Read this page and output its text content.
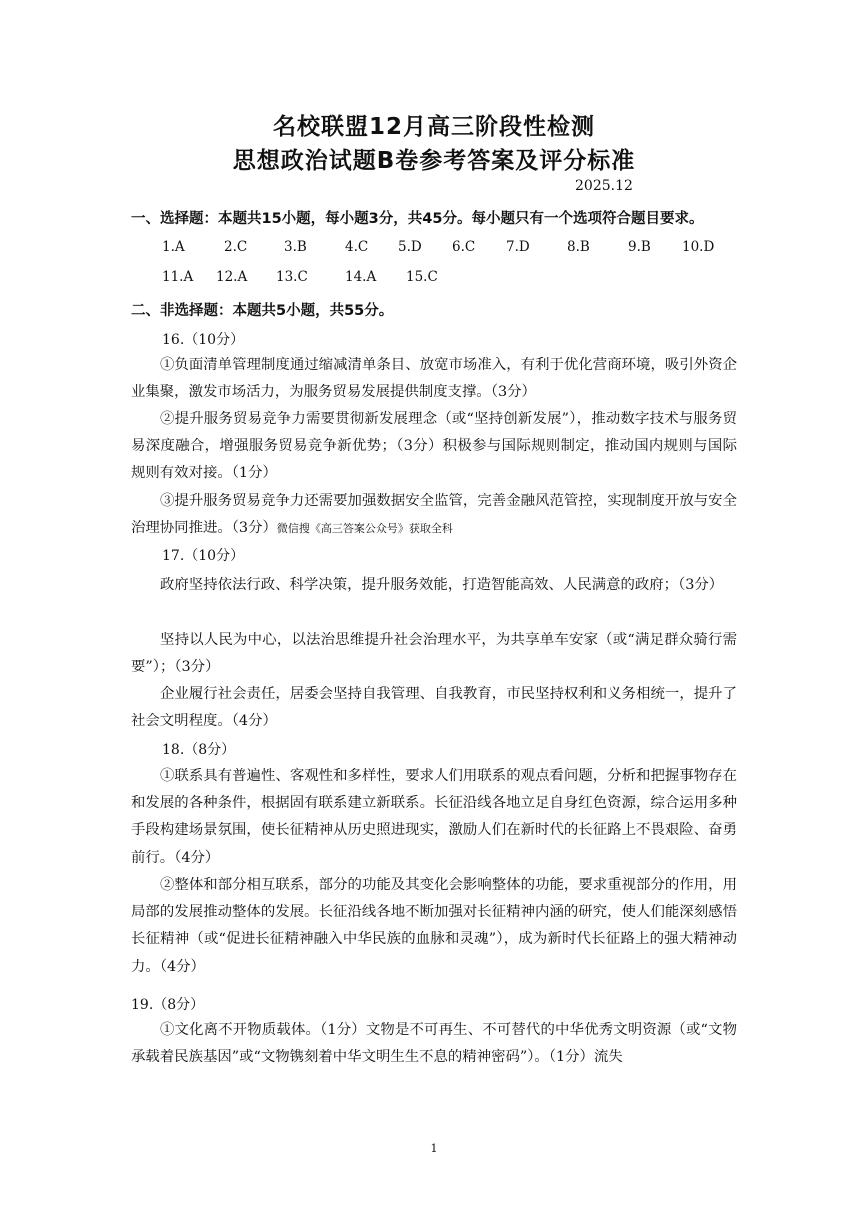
名校联盟12月高三阶段性检测
思想政治试题B卷参考答案及评分标准
2025.12
一、选择题：本题共15小题，每小题3分，共45分。每小题只有一个选项符合题目要求。
1.A	2.C	3.B	4.C 5.D 6.C 7.D	8.B	9.B 10.D
11.A 12.A 13.C	14.A 15.C
二、非选择题：本题共5小题，共55分。
16.（10分）
①负面清单管理制度通过缩减清单条目、放宽市场准入，有利于优化营商环境，吸引外资企业集聚，激发市场活力，为服务贸易发展提供制度支撑。（3分）
②提升服务贸易竞争力需要贯彻新发展理念（或“坚持创新发展”），推动数字技术与服务贸易深度融合，增强服务贸易竞争新优势；（3分）积极参与国际规则制定，推动国内规则与国际规则有效对接。（1分）
③提升服务贸易竞争力还需要加强数据安全监管，完善金融风范管控，实现制度开放与安全治理协同推进。（3分）微信搜《高三答案公众号》获取全科
17.（10分）
政府坚持依法行政、科学决策，提升服务效能，打造智能高效、人民满意的政府；（3分）
坚持以人民为中心，以法治思维提升社会治理水平，为共享单车安家（或“满足群众骑行需要”）；（3分）
企业履行社会责任，居委会坚持自我管理、自我教育，市民坚持权利和义务相统一，提升了社会文明程度。（4分）
18.（8分）
①联系具有普遍性、客观性和多样性，要求人们用联系的观点看问题，分析和把握事物存在和发展的各种条件，根据固有联系建立新联系。长征沿线各地立足自身红色资源，综合运用多种手段构建场景氛围，使长征精神从历史照进现实，激励人们在新时代的长征路上不畏艰险、奋勇前行。（4分）
②整体和部分相互联系，部分的功能及其变化会影响整体的功能，要求重视部分的作用，用局部的发展推动整体的发展。长征沿线各地不断加强对长征精神内涵的研究，使人们能深刻感悟长征精神（或“促进长征精神融入中华民族的血脉和灵魂”），成为新时代长征路上的强大精神动力。（4分）
19.（8分）
①文化离不开物质载体。（1分）文物是不可再生、不可替代的中华优秀文明资源（或“文物承载着民族基因”或“文物镌刻着中华文明生生不息的精神密码”）。（1分）流失
1
